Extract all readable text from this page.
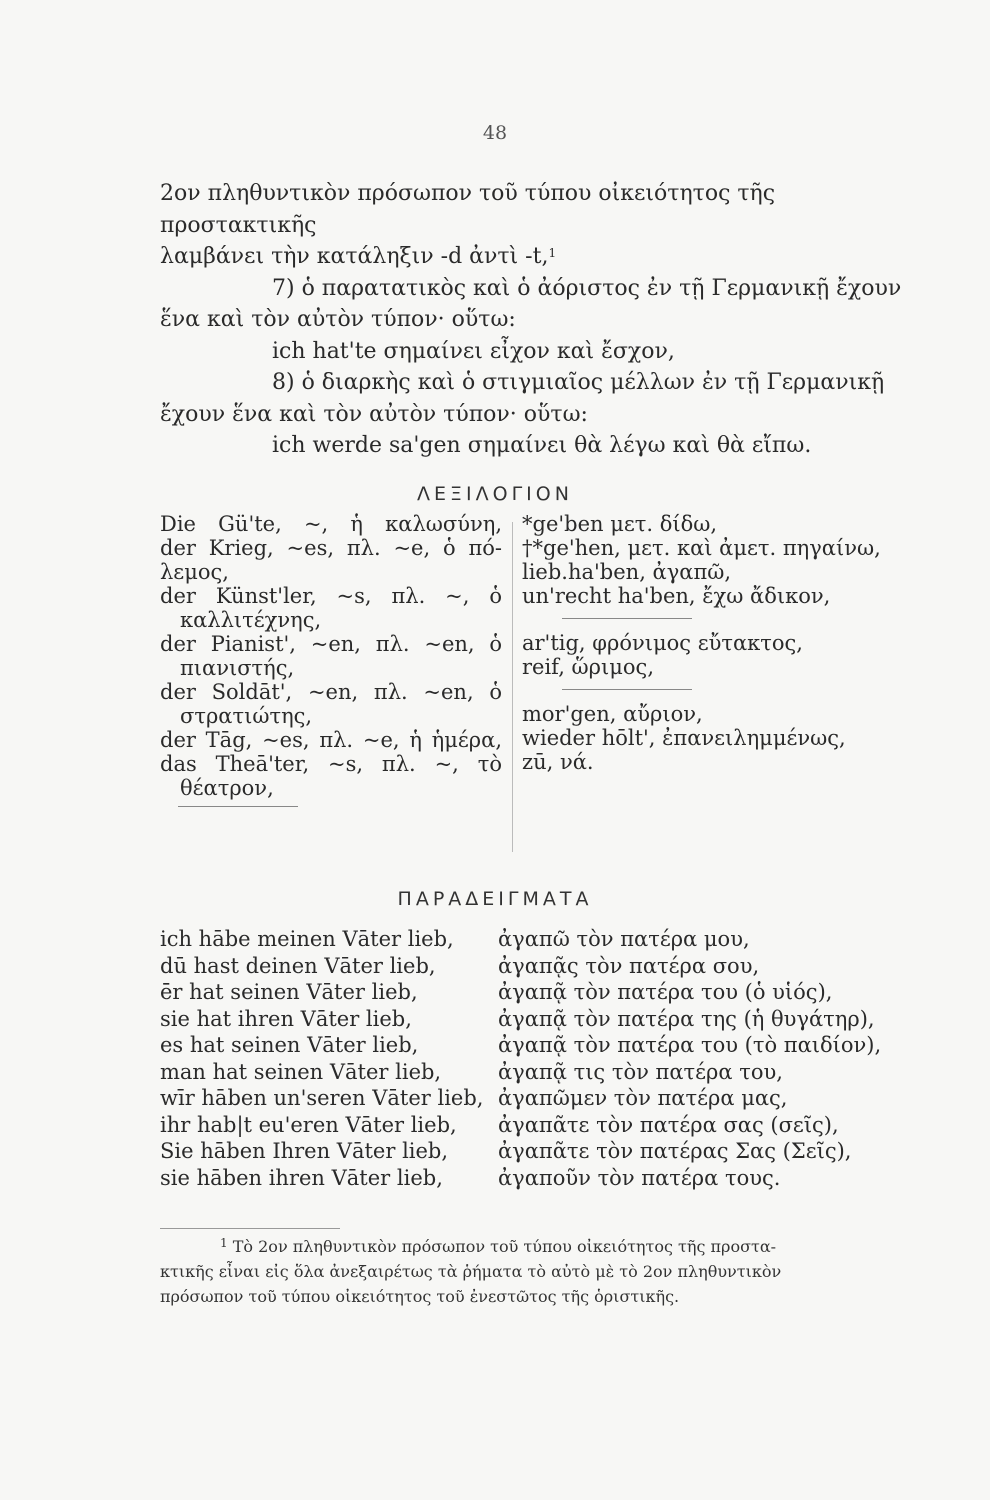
48

2ον πληθυντικὸν πρόσωπον τοῦ τύπου οἰκειότητος τῆς προστακτικῆς

λαμβάνει τὴν κατάληξιν -d ἀντὶ -t,$^1$

7) ὁ παρατατικὸς καὶ ὁ ἀόριστος ἐν τῇ Γερμανικῇ ἔχουν

ἕνα καὶ τὸν αὐτὸν τύπον· οὕτω:

ich hat'te σημαίνει εἶχον καὶ ἔσχον,

8) ὁ διαρκὴς καὶ ὁ στιγμιαῖος μέλλων ἐν τῇ Γερμανικῇ

ἔχουν ἕνα καὶ τὸν αὐτὸν τύπον· οὕτω:

ich werde sa'gen σημαίνει θὰ λέγω καὶ θὰ εἴπω.

ΛΕΞΙΛΟΓΙΟΝ

Die Gü'te, ~, ἡ καλωσύνη,

der Krieg, ~es, πλ. ~e, ὁ πό-
λεμος,

der Künst'ler, ~s, πλ. ~, ὁ
καλλιτέχνης,

der Pianist', ~en, πλ. ~en, ὁ
πιανιστής,

der Soldāt', ~en, πλ. ~en, ὁ
στρατιώτης,

der Tāg, ~es, πλ. ~e, ἡ ἡμέρα,

das Theā'ter, ~s, πλ. ~, τὸ
θέατρον,

*ge'ben μετ. δίδω,

†*ge'hen, μετ. καὶ ἀμετ. πηγαίνω,

lieb.ha'ben, ἀγαπῶ,

un'recht ha'ben, ἔχω ἄδικον,

ar'tig, φρόνιμος εὔτακτος,

reif, ὥριμος,

mor'gen, αὔριον,

wieder hōlt', ἐπανειλημμένως,

zū, νά.

ΠΑΡΑΔΕΙΓΜΑΤΑ
ich hābe meinen Vāter lieb,	ἀγαπῶ τὸν πατέρα μου,
dū hast deinen Vāter lieb,	ἀγαπᾷς τὸν πατέρα σου,
ēr hat seinen Vāter lieb,	ἀγαπᾷ τὸν πατέρα του (ὁ υἱός),
sie hat ihren Vāter lieb,	ἀγαπᾷ τὸν πατέρα της (ἡ θυγάτηρ),
es hat seinen Vāter lieb,	ἀγαπᾷ τὸν πατέρα του (τὸ παιδίον),
man hat seinen Vāter lieb,	ἀγαπᾷ τις τὸν πατέρα του,
wīr hāben un'seren Vāter lieb, ἀγαπῶμεν τὸν πατέρα μας,
ihr hab|t eu'eren Vāter lieb,	ἀγαπᾶτε τὸν πατέρα σας (σεῖς),
Sie hāben Ihren Vāter lieb,	ἀγαπᾶτε τὸν πατέρας Σας (Σεῖς),
sie hāben ihren Vāter lieb,	ἀγαποῦν τὸν πατέρα τους.

$^1$ Τὸ 2ον πληθυντικὸν πρόσωπον τοῦ τύπου οἰκειότητος τῆς προστα-

κτικῆς εἶναι εἰς ὅλα ἀνεξαιρέτως τὰ ῥήματα τὸ αὐτὸ μὲ τὸ 2ον πληθυντικὸν

πρόσωπον τοῦ τύπου οἰκειότητος τοῦ ἐνεστῶτος τῆς ὁριστικῆς.
